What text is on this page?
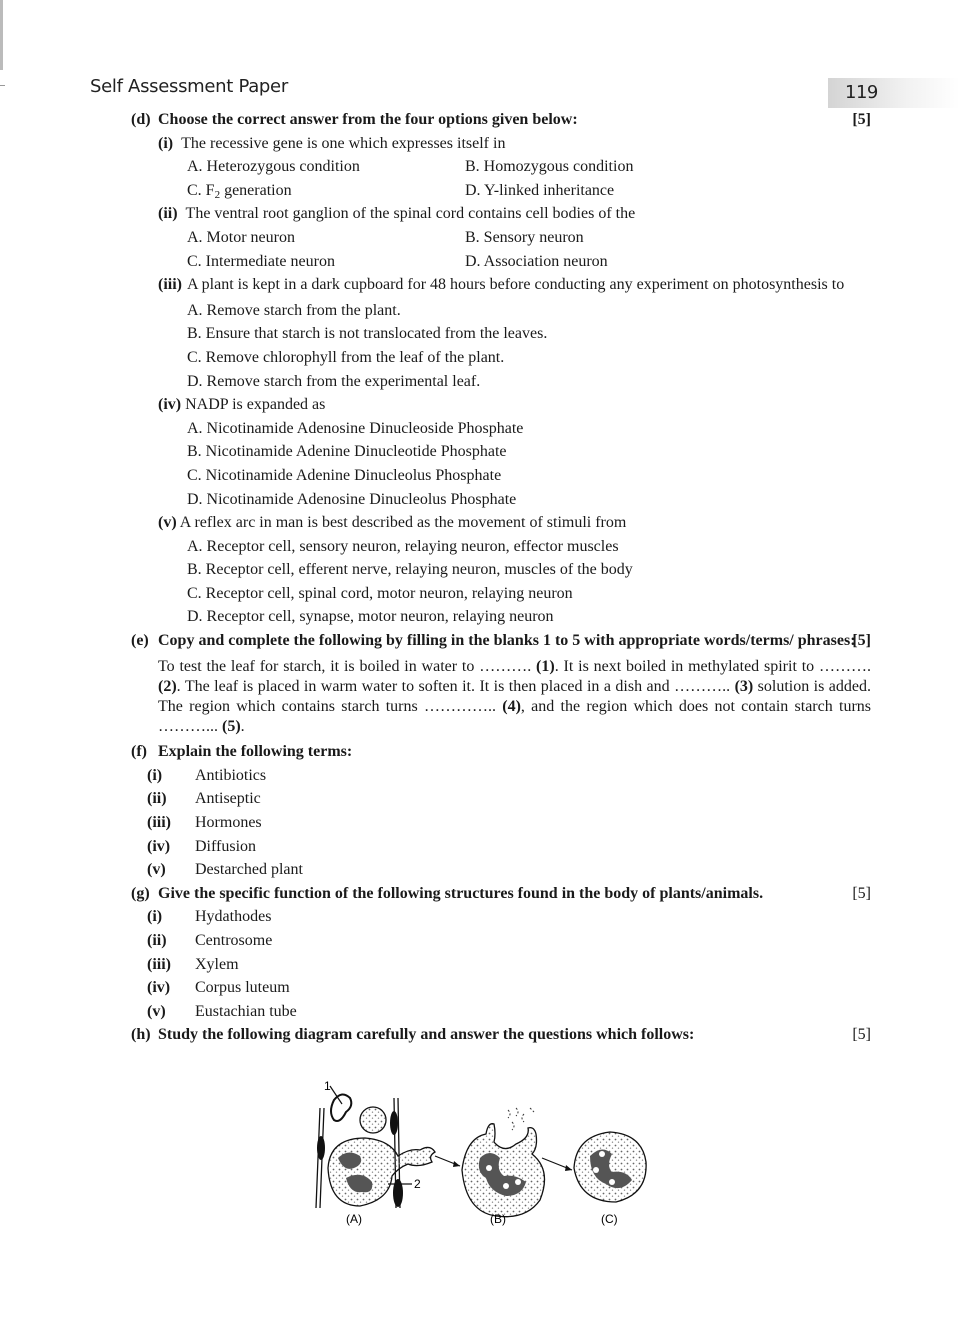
Self Assessment Paper	119
(d) Choose the correct answer from the four options given below:	[5]
(i) The recessive gene is one which expresses itself in
A. Heterozygous condition	B. Homozygous condition
C. $F_2$ generation	D. Y-linked inheritance
(ii) The ventral root ganglion of the spinal cord contains cell bodies of the
A. Motor neuron	B. Sensory neuron
C. Intermediate neuron	D. Association neuron
(iii) A plant is kept in a dark cupboard for 48 hours before conducting any experiment on photosynthesis to
A. Remove starch from the plant.
B. Ensure that starch is not translocated from the leaves.
C. Remove chlorophyll from the leaf of the plant.
D. Remove starch from the experimental leaf.
(iv) NADP is expanded as
A. Nicotinamide Adenosine Dinucleoside Phosphate
B. Nicotinamide Adenine Dinucleotide Phosphate
C. Nicotinamide Adenine Dinucleolus Phosphate
D. Nicotinamide Adenosine Dinucleolus Phosphate
(v) A reflex arc in man is best described as the movement of stimuli from
A. Receptor cell, sensory neuron, relaying neuron, effector muscles
B. Receptor cell, efferent nerve, relaying neuron, muscles of the body
C. Receptor cell, spinal cord, motor neuron, relaying neuron
D. Receptor cell, synapse, motor neuron, relaying neuron
(e) Copy and complete the following by filling in the blanks 1 to 5 with appropriate words/terms/ phrases:
[5]
To test the leaf for starch, it is boiled in water to ………. (1). It is next boiled in methylated spirit to ………. (2). The leaf is placed in warm water to soften it. It is then placed in a dish and ……….. (3) solution is added. The region which contains starch turns ………….. (4), and the region which does not contain starch turns ………... (5).
(f) Explain the following terms:
(i) Antibiotics
(ii) Antiseptic
(iii) Hormones
(iv) Diffusion
(v) Destarched plant
(g) Give the specific function of the following structures found in the body of plants/animals.	[5]
(i) Hydathodes
(ii) Centrosome
(iii) Xylem
(iv) Corpus luteum
(v) Eustachian tube
(h) Study the following diagram carefully and answer the questions which follows:	[5]
1
2
(A)	(B)	(C)
